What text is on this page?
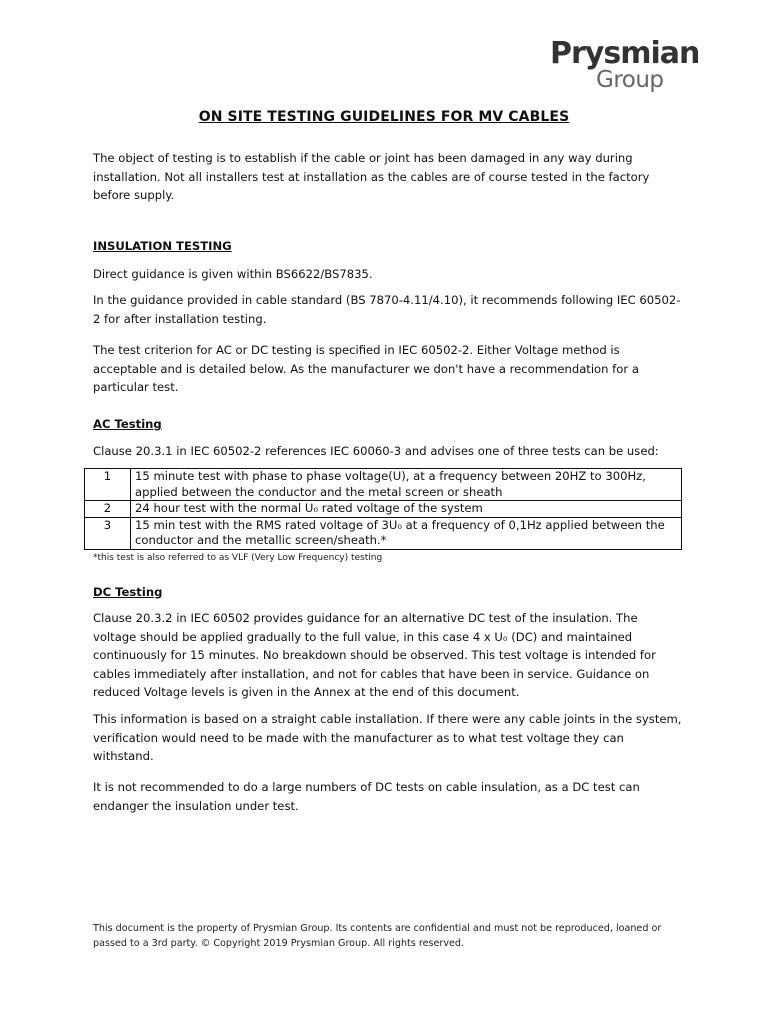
Prysmian
Group
ON SITE TESTING GUIDELINES FOR MV CABLES

The object of testing is to establish if the cable or joint has been damaged in any way during installation. Not all installers test at installation as the cables are of course tested in the factory before supply.

INSULATION TESTING

Direct guidance is given within BS6622/BS7835.

In the guidance provided in cable standard (BS 7870-4.11/4.10), it recommends following IEC 60502-2 for after installation testing.

The test criterion for AC or DC testing is specified in IEC 60502-2. Either Voltage method is acceptable and is detailed below. As the manufacturer we don't have a recommendation for a particular test.

AC Testing

Clause 20.3.1 in IEC 60502-2 references IEC 60060-3 and advises one of three tests can be used:

1	15 minute test with phase to phase voltage(U), at a frequency between 20HZ to 300Hz, applied between the conductor and the metal screen or sheath
2	24 hour test with the normal U₀ rated voltage of the system
3	15 min test with the RMS rated voltage of 3U₀ at a frequency of 0,1Hz applied between the conductor and the metallic screen/sheath.*
*this test is also referred to as VLF (Very Low Frequency) testing

DC Testing

Clause 20.3.2 in IEC 60502 provides guidance for an alternative DC test of the insulation. The voltage should be applied gradually to the full value, in this case 4 x U₀ (DC) and maintained continuously for 15 minutes. No breakdown should be observed. This test voltage is intended for cables immediately after installation, and not for cables that have been in service. Guidance on reduced Voltage levels is given in the Annex at the end of this document.

This information is based on a straight cable installation. If there were any cable joints in the system, verification would need to be made with the manufacturer as to what test voltage they can withstand.

It is not recommended to do a large numbers of DC tests on cable insulation, as a DC test can endanger the insulation under test.

This document is the property of Prysmian Group. Its contents are confidential and must not be reproduced, loaned or passed to a 3rd party. © Copyright 2019 Prysmian Group. All rights reserved.
